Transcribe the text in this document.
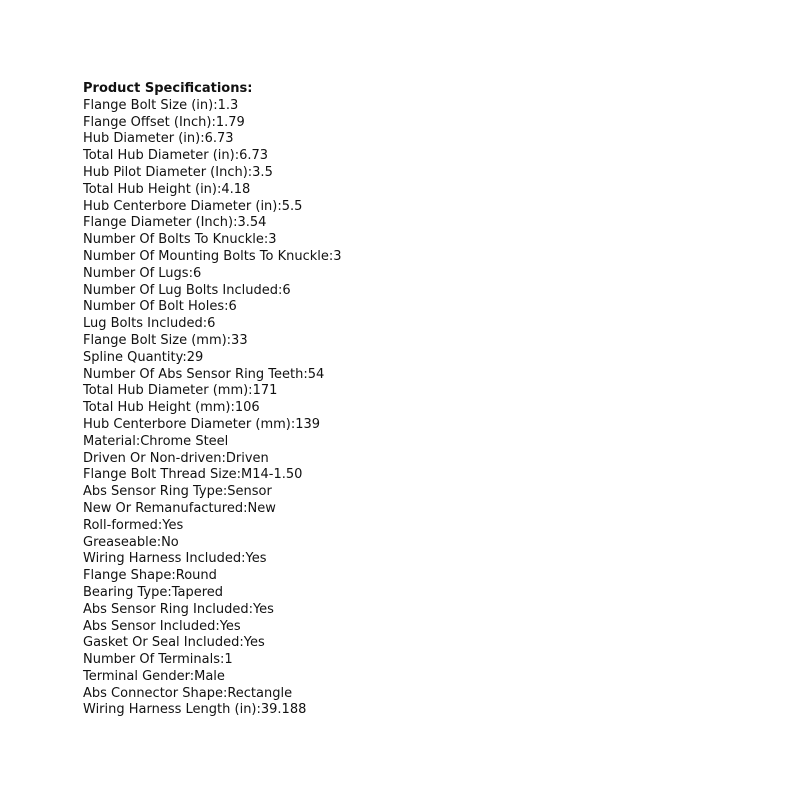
Product Specifications:

Flange Bolt Size (in):1.3
Flange Offset (Inch):1.79
Hub Diameter (in):6.73
Total Hub Diameter (in):6.73
Hub Pilot Diameter (Inch):3.5
Total Hub Height (in):4.18
Hub Centerbore Diameter (in):5.5
Flange Diameter (Inch):3.54
Number Of Bolts To Knuckle:3
Number Of Mounting Bolts To Knuckle:3
Number Of Lugs:6
Number Of Lug Bolts Included:6
Number Of Bolt Holes:6
Lug Bolts Included:6
Flange Bolt Size (mm):33
Spline Quantity:29
Number Of Abs Sensor Ring Teeth:54
Total Hub Diameter (mm):171
Total Hub Height (mm):106
Hub Centerbore Diameter (mm):139
Material:Chrome Steel
Driven Or Non-driven:Driven
Flange Bolt Thread Size:M14-1.50
Abs Sensor Ring Type:Sensor
New Or Remanufactured:New
Roll-formed:Yes
Greaseable:No
Wiring Harness Included:Yes
Flange Shape:Round
Bearing Type:Tapered
Abs Sensor Ring Included:Yes
Abs Sensor Included:Yes
Gasket Or Seal Included:Yes
Number Of Terminals:1
Terminal Gender:Male
Abs Connector Shape:Rectangle
Wiring Harness Length (in):39.188
